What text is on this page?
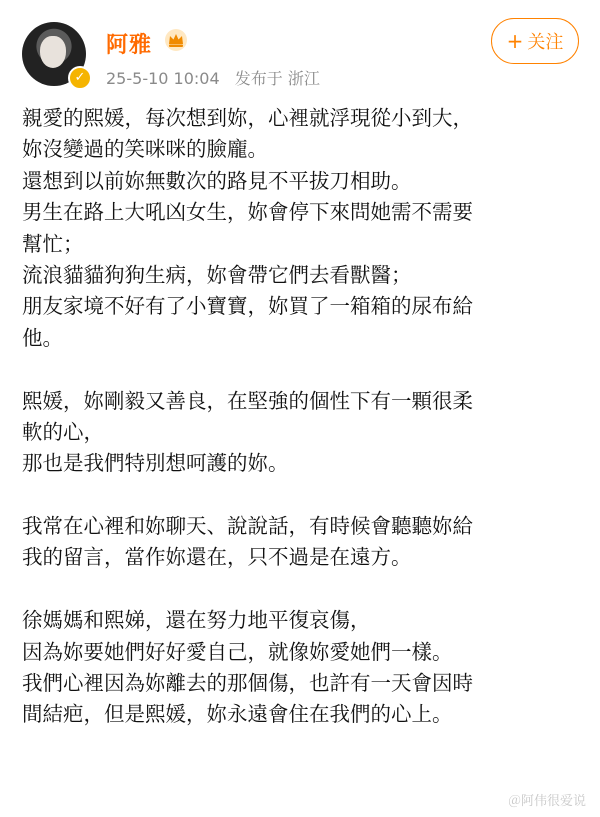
✓
阿雅
25-5-10 10:04 发布于 浙江
+ 关注
親愛的熙媛，每次想到妳，心裡就浮現從小到大，
妳沒變過的笑咪咪的臉龐。
還想到以前妳無數次的路見不平拔刀相助。
男生在路上大吼凶女生，妳會停下來問她需不需要
幫忙；
流浪貓貓狗狗生病，妳會帶它們去看獸醫；
朋友家境不好有了小寶寶，妳買了一箱箱的尿布給
他。
熙媛，妳剛毅又善良，在堅強的個性下有一顆很柔
軟的心，
那也是我們特別想呵護的妳。
我常在心裡和妳聊天、說說話，有時候會聽聽妳給
我的留言，當作妳還在，只不過是在遠方。
徐媽媽和熙娣，還在努力地平復哀傷，
因為妳要她們好好愛自己，就像妳愛她們一樣。
我們心裡因為妳離去的那個傷，也許有一天會因時
間結疤，但是熙媛，妳永遠會住在我們的心上。
＠阿伟很爱说
